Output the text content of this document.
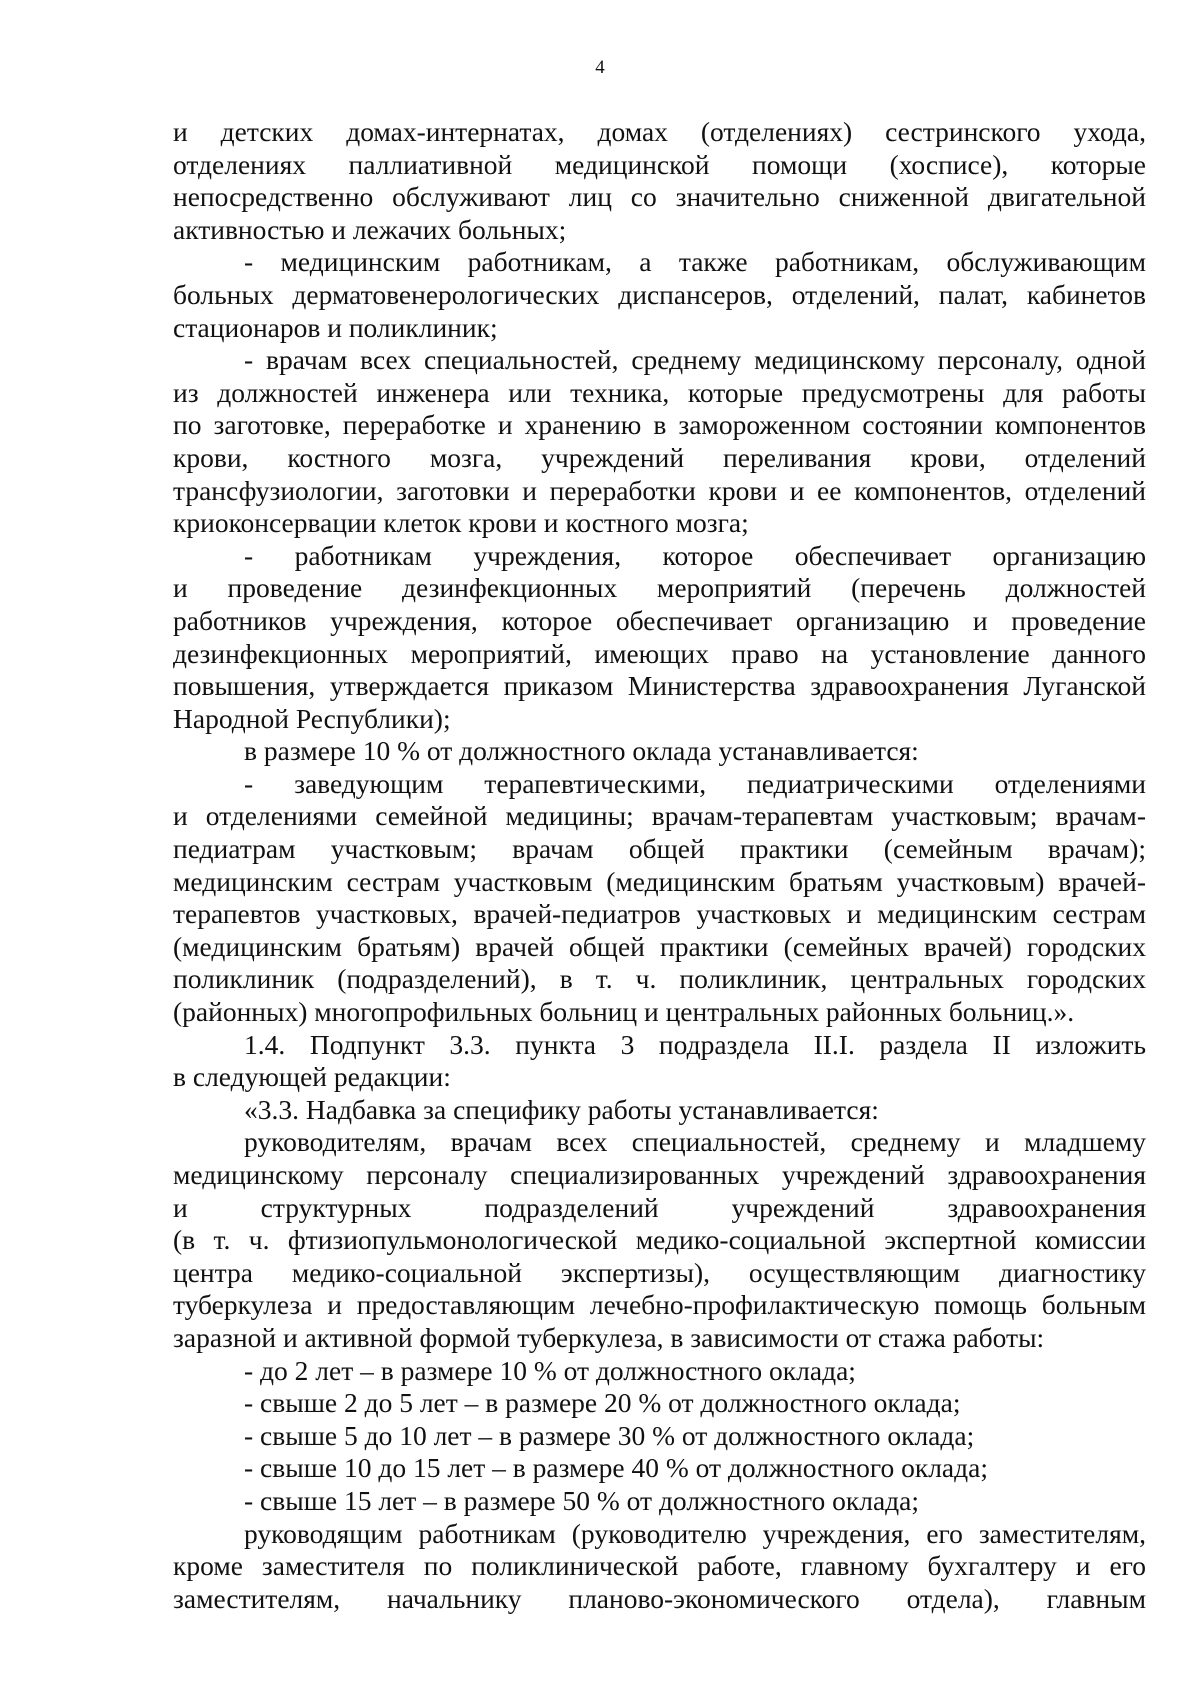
4
и детских домах-интернатах, домах (отделениях) сестринского ухода,
отделениях паллиативной медицинской помощи (хосписе), которые
непосредственно обслуживают лиц со значительно сниженной двигательной
активностью и лежачих больных;
- медицинским работникам, а также работникам, обслуживающим
больных дерматовенерологических диспансеров, отделений, палат, кабинетов
стационаров и поликлиник;
- врачам всех специальностей, среднему медицинскому персоналу, одной
из должностей инженера или техника, которые предусмотрены для работы
по заготовке, переработке и хранению в замороженном состоянии компонентов
крови, костного мозга, учреждений переливания крови, отделений
трансфузиологии, заготовки и переработки крови и ее компонентов, отделений
криоконсервации клеток крови и костного мозга;
- работникам учреждения, которое обеспечивает организацию
и проведение дезинфекционных мероприятий (перечень должностей
работников учреждения, которое обеспечивает организацию и проведение
дезинфекционных мероприятий, имеющих право на установление данного
повышения, утверждается приказом Министерства здравоохранения Луганской
Народной Республики);
в размере 10 % от должностного оклада устанавливается:
- заведующим терапевтическими, педиатрическими отделениями
и отделениями семейной медицины; врачам-терапевтам участковым; врачам-
педиатрам участковым; врачам общей практики (семейным врачам);
медицинским сестрам участковым (медицинским братьям участковым) врачей-
терапевтов участковых, врачей-педиатров участковых и медицинским сестрам
(медицинским братьям) врачей общей практики (семейных врачей) городских
поликлиник (подразделений), в т. ч. поликлиник, центральных городских
(районных) многопрофильных больниц и центральных районных больниц.».
1.4. Подпункт 3.3. пункта 3 подраздела II.I. раздела II изложить
в следующей редакции:
«3.3. Надбавка за специфику работы устанавливается:
руководителям, врачам всех специальностей, среднему и младшему
медицинскому персоналу специализированных учреждений здравоохранения
и структурных подразделений учреждений здравоохранения
(в т. ч. фтизиопульмонологической медико-социальной экспертной комиссии
центра медико-социальной экспертизы), осуществляющим диагностику
туберкулеза и предоставляющим лечебно-профилактическую помощь больным
заразной и активной формой туберкулеза, в зависимости от стажа работы:
- до 2 лет – в размере 10 % от должностного оклада;
- свыше 2 до 5 лет – в размере 20 % от должностного оклада;
- свыше 5 до 10 лет – в размере 30 % от должностного оклада;
- свыше 10 до 15 лет – в размере 40 % от должностного оклада;
- свыше 15 лет – в размере 50 % от должностного оклада;
руководящим работникам (руководителю учреждения, его заместителям,
кроме заместителя по поликлинической работе, главному бухгалтеру и его
заместителям, начальнику планово-экономического отдела), главным
